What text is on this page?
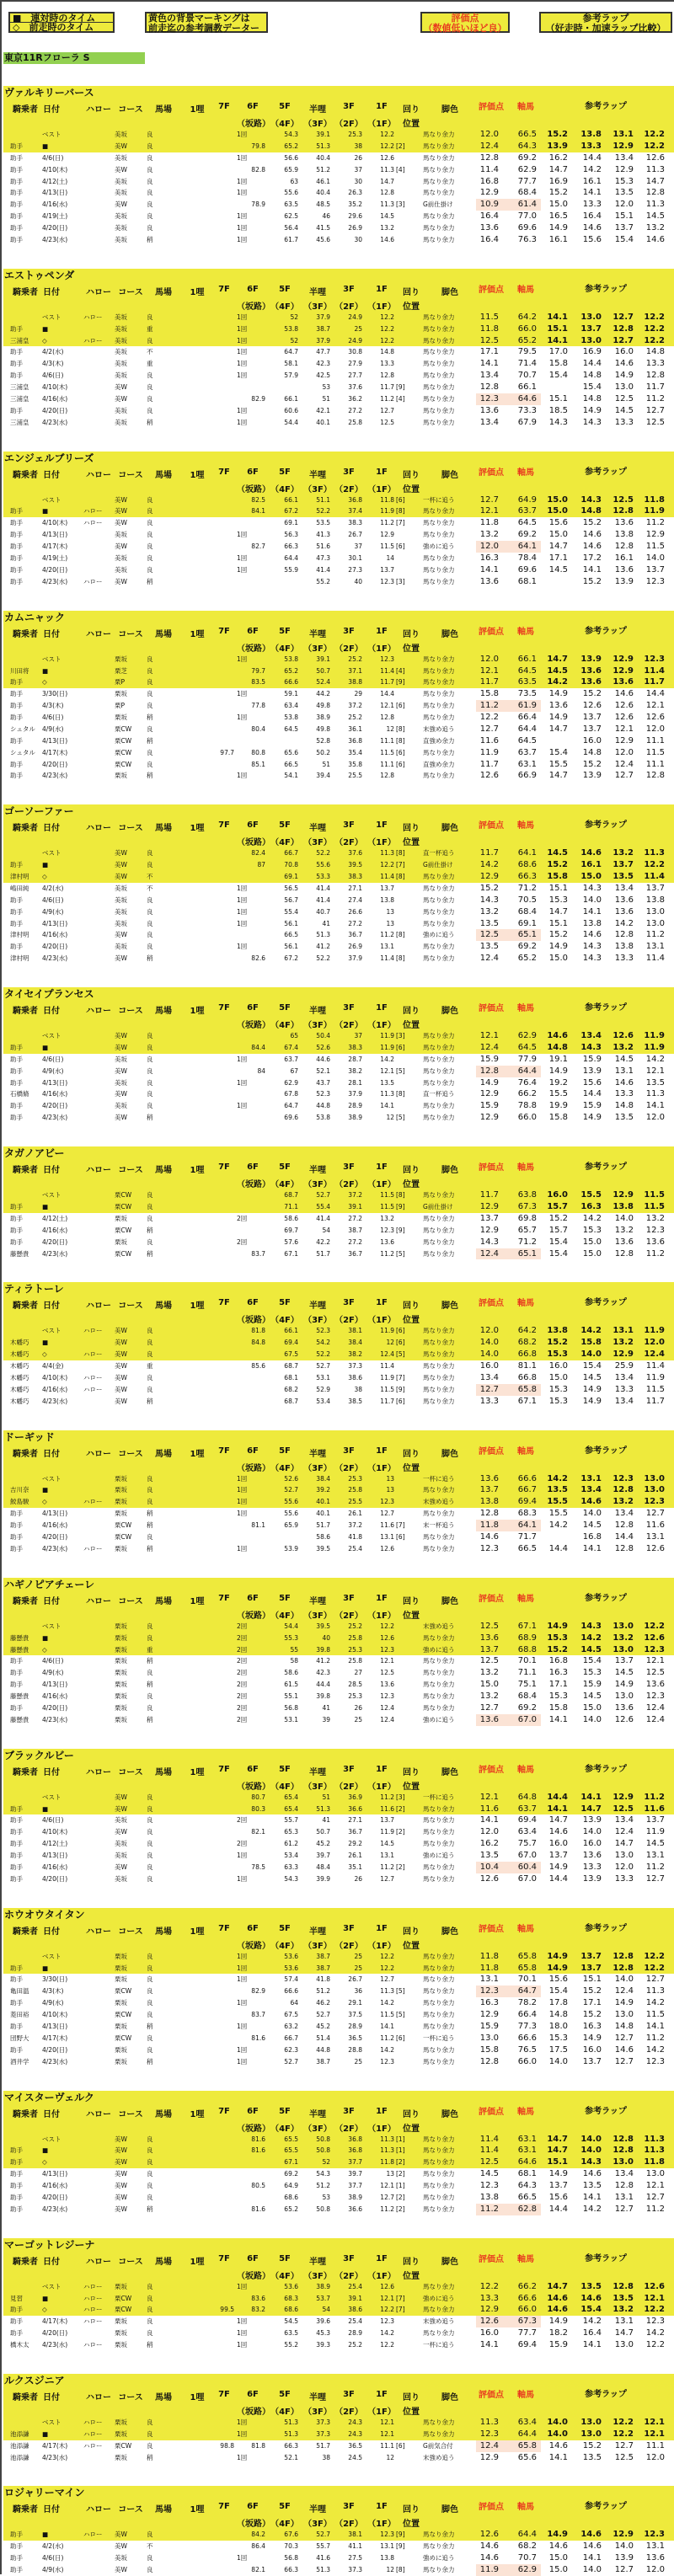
■　連対時のタイム
◇　前走時のタイム
黄色の背景マーキングは
前走迄の参考調教データー
評価点
（数値低いほど良）
参考ラップ
（好走時・加速ラップ比較）
東京11Rフローラ S
ヴァルキリーバース
騎乗者 日付	ハロー コース 馬場 1哩 7F 6F 5F 半哩 3F	1F 回り	脚色 評価点 軸馬	参考ラップ
（坂路） （4F） （3F） （2F） （1F） 位置
ベスト	美坂	良	1回	54.3	39.1	25.3	12.2	馬なり余力	12.0 66.5 15.2 13.8 13.1 12.2
助手	■	美W	良	79.8	65.2	51.3	38	12.2 [2]	馬なり余力	12.4 64.3 13.9 13.3 12.9 12.2
助手	4/6(日)	美坂	良	1回	56.6	40.4	26	12.6	馬なり余力	12.8 69.2 16.2 14.4 13.4 12.6
助手	4/10(木)	美W	良	82.8	65.9	51.2	37	11.3 [4]	馬なり余力	11.4 62.9 14.7 14.2 12.9 11.3
助手	4/12(土)	美坂	良	1回	63	46.1	30	14.7	馬なり余力	16.8 77.7 16.9 16.1 15.3 14.7
助手	4/13(日)	美坂	良	1回	55.6	40.4	26.3	12.8	馬なり余力	12.9 68.4 15.2 14.1 13.5 12.8
助手	4/16(水)	美W	良	78.9	63.5	48.5	35.2	11.3 [3]	G前仕掛け	10.9 61.4 15.0 13.3 12.0 11.3
助手	4/19(土)	美坂	良	1回	62.5	46	29.6	14.5	馬なり余力	16.4 77.0 16.5 16.4 15.1 14.5
助手	4/20(日)	美坂	良	1回	56.4	41.5	26.9	13.2	馬なり余力	13.6 69.6 14.9 14.6 13.7 13.2
助手	4/23(水)	美坂	稍	1回	61.7	45.6	30	14.6	馬なり余力	16.4 76.3 16.1 15.6 15.4 14.6
エストゥペンダ
騎乗者 日付	ハロー コース 馬場 1哩 7F 6F 5F 半哩 3F	1F 回り	脚色 評価点 軸馬	参考ラップ
（坂路） （4F） （3F） （2F） （1F） 位置
ベスト	ハロー 美坂	良	1回	52	37.9	24.9	12.2	馬なり余力	11.5 64.2 14.1 13.0 12.7 12.2
助手	■	美坂	重	1回	53.8	38.7	25	12.2	馬なり余力	11.8 66.0 15.1 13.7 12.8 12.2
三浦皇 ◇	ハロー 美坂	良	1回	52	37.9	24.9	12.2	馬なり余力	12.5 65.2 14.1 13.0 12.7 12.2
助手	4/2(水)	美坂	不	1回	64.7	47.7	30.8	14.8	馬なり余力	17.1 79.5 17.0 16.9 16.0 14.8
助手	4/3(木)	美坂	重	1回	58.1	42.3	27.9	13.3	馬なり余力	14.1 71.4 15.8 14.4 14.6 13.3
助手	4/6(日)	美坂	良	1回	57.9	42.5	27.7	12.8	馬なり余力	13.4 70.7 15.4 14.8 14.9 12.8
三浦皇 4/10(木)	美W	良	53	37.6	11.7 [9]	馬なり余力	12.8 66.1	15.4 13.0 11.7
三浦皇 4/16(水)	美W	良	82.9	66.1	51	36.2	11.2 [4]	馬なり余力	12.3 64.6 15.1 14.8 12.5 11.2
助手	4/20(日)	美坂	良	1回	60.6	42.1	27.2	12.7	馬なり余力	13.6 73.3 18.5 14.9 14.5 12.7
三浦皇 4/23(水)	美坂	稍	1回	54.4	40.1	25.8	12.5	馬なり余力	13.4 67.9 14.3 14.3 13.3 12.5
エンジェルブリーズ
騎乗者 日付	ハロー コース 馬場 1哩 7F 6F 5F 半哩 3F	1F 回り	脚色 評価点 軸馬	参考ラップ
（坂路） （4F） （3F） （2F） （1F） 位置
ベスト	美W	良	82.5	66.1	51.1	36.8	11.8 [6]	一杯に追う	12.7 64.9 15.0 14.3 12.5 11.8
助手	■	ハロー 美W	良	84.1	67.2	52.2	37.4	11.9 [8]	馬なり余力	12.1 63.7 15.0 14.8 12.8 11.9
助手	4/10(木)	ハロー 美W	良	69.1	53.5	38.3	11.2 [7]	馬なり余力	11.8 64.5 15.6 15.2 13.6 11.2
助手	4/13(日)	美坂	良	1回	56.3	41.3	26.7	12.9	馬なり余力	13.2 69.2 15.0 14.6 13.8 12.9
助手	4/17(木)	美W	良	82.7	66.3	51.6	37	11.5 [6]	強めに追う	12.0 64.1 14.7 14.6 12.8 11.5
助手	4/19(土)	美坂	良	1回	64.4	47.3	30.1	14	馬なり余力	16.3 78.4 17.1 17.2 16.1 14.0
助手	4/20(日)	美坂	良	1回	55.9	41.4	27.3	13.7	馬なり余力	14.1 69.6 14.5 14.1 13.6 13.7
助手	4/23(水)	ハロー 美W	稍	55.2	40	12.3 [3]	馬なり余力	13.6 68.1	15.2 13.9 12.3
カムニャック
騎乗者 日付	ハロー コース 馬場 1哩 7F 6F 5F 半哩 3F	1F 回り	脚色 評価点 軸馬	参考ラップ
（坂路） （4F） （3F） （2F） （1F） 位置
ベスト	栗坂	良	1回	53.8	39.1	25.2	12.3	馬なり余力	12.0 66.1 14.7 13.9 12.9 12.3
川田将 ■	栗芝	良	79.7	65.2	50.7	37.1	11.4 [4]	馬なり余力	12.1 64.5 14.5 13.6 12.9 11.4
助手	◇	栗P	良	83.5	66.6	52.4	38.8	11.7 [9]	馬なり余力	11.7 63.5 14.2 13.6 13.6 11.7
助手	3/30(日)	栗坂	良	1回	59.1	44.2	29	14.4	馬なり余力	15.8 73.5 14.9 15.2 14.6 14.4
助手	4/3(木)	栗P	良	77.8	63.4	49.8	37.2	12.1 [6]	馬なり余力	11.2 61.9 13.6 12.6 12.6 12.1
助手	4/6(日)	栗坂	稍	1回	53.8	38.9	25.2	12.8	馬なり余力	12.2 66.4 14.9 13.7 12.6 12.6
シュタル 4/9(水)	栗CW 良	80.4	64.5	49.8	36.1	12 [8]	末強め追う	12.7 64.4 14.7 13.7 12.1 12.0
助手	4/13(日)	栗CW 稍	52.8	36.8	11.1 [8]	直強め余力	11.6 64.5	16.0 12.9 11.1
シュタル 4/17(木)	栗CW 良	97.7	80.8	65.6	50.2	35.4	11.5 [6]	馬なり余力	11.9 63.7 15.4 14.8 12.0 11.5
助手	4/20(日)	栗CW 良	85.1	66.5	51	35.8	11.1 [6]	直強め余力	11.7 63.1 15.5 15.2 12.4 11.1
助手	4/23(水)	栗坂	稍	1回	54.1	39.4	25.5	12.8	馬なり余力	12.6 66.9 14.7 13.9 12.7 12.8
ゴーソーファー
騎乗者 日付	ハロー コース 馬場 1哩 7F 6F 5F 半哩 3F	1F 回り	脚色 評価点 軸馬	参考ラップ
（坂路） （4F） （3F） （2F） （1F） 位置
ベスト	美W	良	82.4	66.7	52.2	37.6	11.3 [8]	直一杯追う	11.7 64.1 14.5 14.6 13.2 11.3
助手	■	美W	良	87	70.8	55.6	39.5	12.2 [7]	G前仕掛け	14.2 68.6 15.2 16.1 13.7 12.2
津村明 ◇	美W	不	69.1	53.3	38.3	11.4 [8]	馬なり余力	12.9 66.3 15.8 15.0 13.5 11.4
嶋田純 4/2(水)	美坂	不	1回	56.5	41.4	27.1	13.7	馬なり余力	15.2 71.2 15.1 14.3 13.4 13.7
助手	4/6(日)	美坂	良	1回	56.7	41.4	27.4	13.8	馬なり余力	14.3 70.5 15.3 14.0 13.6 13.8
助手	4/9(水)	美坂	良	1回	55.4	40.7	26.6	13	馬なり余力	13.2 68.4 14.7 14.1 13.6 13.0
助手	4/13(日)	美坂	良	1回	56.1	41	27.2	13	馬なり余力	13.5 69.1 15.1 13.8 14.2 13.0
津村明 4/16(水)	美W	良	66.5	51.3	36.7	11.2 [8]	強めに追う	12.5 65.1 15.2 14.6 12.8 11.2
助手	4/20(日)	美坂	良	1回	56.1	41.2	26.9	13.1	馬なり余力	13.5 69.2 14.9 14.3 13.8 13.1
津村明 4/23(水)	美W	稍	82.6	67.2	52.2	37.9	11.4 [8]	馬なり余力	12.4 65.2 15.0 14.3 13.3 11.4
タイセイプランセス
騎乗者 日付	ハロー コース 馬場 1哩 7F 6F 5F 半哩 3F	1F 回り	脚色 評価点 軸馬	参考ラップ
（坂路） （4F） （3F） （2F） （1F） 位置
ベスト	美W	良	65	50.4	37	11.9 [3]	馬なり余力	12.1 62.9 14.6 13.4 12.6 11.9
助手	■	美W	良	84.4	67.4	52.6	38.3	11.9 [6]	馬なり余力	12.4 64.5 14.8 14.3 13.2 11.9
助手	4/6(日)	美坂	良	1回	63.7	44.6	28.7	14.2	馬なり余力	15.9 77.9 19.1 15.9 14.5 14.2
助手	4/9(水)	美W	良	84	67	52.1	38.2	12.1 [5]	馬なり余力	12.8 64.4 14.9 13.9 13.1 12.1
助手	4/13(日)	美坂	良	1回	62.9	43.7	28.1	13.5	馬なり余力	14.9 76.4 19.2 15.6 14.6 13.5
石橋脩 4/16(水)	美W	良	67.8	52.3	37.9	11.3 [8]	直一杯追う	12.9 66.2 15.5 14.4 13.3 11.3
助手	4/20(日)	美坂	良	1回	64.7	44.8	28.9	14.1	馬なり余力	15.9 78.8 19.9 15.9 14.8 14.1
助手	4/23(水)	美W	稍	69.6	53.8	38.9	12 [5]	馬なり余力	12.9 66.0 15.8 14.9 13.5 12.0
タガノアビー
騎乗者 日付	ハロー コース 馬場 1哩 7F 6F 5F 半哩 3F	1F 回り	脚色 評価点 軸馬	参考ラップ
（坂路） （4F） （3F） （2F） （1F） 位置
ベスト	栗CW 良	68.7	52.7	37.2	11.5 [8]	馬なり余力	11.7 63.8 16.0 15.5 12.9 11.5
助手	■	栗CW 良	71.1	55.4	39.1	11.5 [9]	G前仕掛け	12.9 67.3 15.7 16.3 13.8 11.5
助手	4/12(土)	栗坂	良	2回	58.6	41.4	27.2	13.2	馬なり余力	13.7 69.8 15.2 14.2 14.0 13.2
助手	4/16(水)	栗CW 稍	69.7	54	38.7	12.3 [9]	馬なり余力	12.9 65.7 15.7 15.3 13.2 12.3
助手	4/20(日)	栗坂	良	2回	57.6	42.2	27.2	13.6	馬なり余力	14.3 71.2 15.4 15.0 13.6 13.6
藤懸貴 4/23(水)	栗CW 稍	83.7	67.1	51.7	36.7	11.2 [5]	馬なり余力	12.4 65.1 15.4 15.0 12.8 11.2
ティラトーレ
騎乗者 日付	ハロー コース 馬場 1哩 7F 6F 5F 半哩 3F	1F 回り	脚色 評価点 軸馬	参考ラップ
（坂路） （4F） （3F） （2F） （1F） 位置
ベスト	ハロー 美W	良	81.8	66.1	52.3	38.1	11.9 [6]	馬なり余力	12.0 64.2 13.8 14.2 13.1 11.9
木幡巧 ■	美W	良	84.8	69.4	54.2	38.4	12 [6]	馬なり余力	14.0 68.2 15.2 15.8 13.2 12.0
木幡巧 ◇	ハロー 美W	良	67.5	52.2	38.2	12.4 [5]	馬なり余力	14.0 66.8 15.3 14.0 12.9 12.4
木幡巧 4/4(金)	美W	重	85.6	68.7	52.7	37.3	11.4	馬なり余力	16.0 81.1 16.0 15.4 25.9 11.4
木幡巧 4/10(木)	ハロー 美W	良	68.1	53.1	38.6	11.9 [7]	馬なり余力	13.4 66.8 15.0 14.5 13.4 11.9
木幡巧 4/16(水)	ハロー 美W	良	68.2	52.9	38	11.5 [9]	馬なり余力	12.7 65.8 15.3 14.9 13.3 11.5
木幡巧 4/23(水)	美W	稍	68.7	53.4	38.5	11.7 [6]	馬なり余力	13.3 67.1 15.3 14.9 13.4 11.7
ドーギッド
騎乗者 日付	ハロー コース 馬場 1哩 7F 6F 5F 半哩 3F	1F 回り	脚色 評価点 軸馬	参考ラップ
（坂路） （4F） （3F） （2F） （1F） 位置
ベスト	栗坂	良	1回	52.6	38.4	25.3	13	一杯に追う	13.6 66.6 14.2 13.1 12.3 13.0
吉川奈 ■	栗坂	良	1回	52.7	39.2	25.8	13	馬なり余力	13.7 66.7 13.5 13.4 12.8 13.0
鮫島駿 ◇	ハロー 栗坂	良	1回	55.6	40.1	25.5	12.3	末強め追う	13.8 69.4 15.5 14.6 13.2 12.3
助手	4/13(日)	栗坂	稍	1回	55.6	40.1	26.1	12.7	馬なり余力	12.8 68.3 15.5 14.0 13.4 12.7
助手	4/16(水)	栗CW 稍	81.1	65.9	51.7	37.2	11.6 [7]	末一杯追う	11.8 64.1 14.2 14.5 12.8 11.6
助手	4/20(日)	栗CW 良	58.6	41.8	13.1 [6]	馬なり余力	14.6 71.7	16.8 14.4 13.1
助手	4/23(水)	ハロー 栗坂	稍	1回	53.9	39.5	25.4	12.6	馬なり余力	12.3 66.5 14.4 14.1 12.8 12.6
ハギノピアチェーレ
騎乗者 日付	ハロー コース 馬場 1哩 7F 6F 5F 半哩 3F	1F 回り	脚色 評価点 軸馬	参考ラップ
（坂路） （4F） （3F） （2F） （1F） 位置
ベスト	栗坂	良	2回	54.4	39.5	25.2	12.2	末強め追う	12.5 67.1 14.9 14.3 13.0 12.2
藤懸貴 ■	栗坂	良	2回	55.3	40	25.8	12.6	馬なり余力	13.6 68.9 15.3 14.2 13.2 12.6
藤懸貴 ◇	栗坂	重	2回	55	39.8	25.3	12.3	強めに追う	13.7 68.8 15.2 14.5 13.0 12.3
助手	4/6(日)	栗坂	稍	2回	58	41.2	25.8	12.1	馬なり余力	12.5 70.1 16.8 15.4 13.7 12.1
助手	4/9(水)	栗坂	良	2回	58.6	42.3	27	12.5	馬なり余力	13.2 71.1 16.3 15.3 14.5 12.5
助手	4/13(日)	栗坂	稍	2回	61.5	44.4	28.5	13.6	馬なり余力	15.0 75.1 17.1 15.9 14.9 13.6
藤懸貴 4/16(水)	栗坂	良	2回	55.1	39.8	25.3	12.3	馬なり余力	13.2 68.4 15.3 14.5 13.0 12.3
助手	4/20(日)	栗坂	良	2回	56.8	41	26	12.4	馬なり余力	12.7 69.2 15.8 15.0 13.6 12.4
藤懸貴 4/23(水)	栗坂	稍	2回	53.1	39	25	12.4	強めに追う	13.6 67.0 14.1 14.0 12.6 12.4
ブラックルビー
騎乗者 日付	ハロー コース 馬場 1哩 7F 6F 5F 半哩 3F	1F 回り	脚色 評価点 軸馬	参考ラップ
（坂路） （4F） （3F） （2F） （1F） 位置
ベスト	美W	良	80.7	65.4	51	36.9	11.2 [3]	一杯に追う	12.1 64.8 14.4 14.1 12.9 11.2
助手	■	美W	良	80.3	65.4	51.3	36.6	11.6 [2]	馬なり余力	11.6 63.7 14.1 14.7 12.5 11.6
助手	4/6(日)	美坂	良	2回	55.7	41	27.1	13.7	馬なり余力	14.1 69.4 14.7 13.9 13.4 13.7
助手	4/10(木)	美W	良	82.1	65.3	50.7	36.7	11.9 [2]	馬なり余力	12.0 63.4 14.6 14.0 12.4 11.9
助手	4/12(土)	美坂	良	2回	61.2	45.2	29.2	14.5	馬なり余力	16.2 75.7 16.0 16.0 14.7 14.5
助手	4/13(日)	美坂	良	1回	53.4	39.7	26.1	13.1	強めに追う	13.5 67.0 13.7 13.6 13.0 13.1
助手	4/16(水)	美W	良	78.5	63.3	48.4	35.1	11.2 [2]	馬なり余力	10.4 60.4 14.9 13.3 12.0 11.2
助手	4/20(日)	美坂	良	1回	54.3	39.9	26	12.7	馬なり余力	12.6 67.0 14.4 13.9 13.3 12.7
ホウオウタイタン
騎乗者 日付	ハロー コース 馬場 1哩 7F 6F 5F 半哩 3F	1F 回り	脚色 評価点 軸馬	参考ラップ
（坂路） （4F） （3F） （2F） （1F） 位置
ベスト	栗坂	良	1回	53.6	38.7	25	12.2	馬なり余力	11.8 65.8 14.9 13.7 12.8 12.2
助手	■	栗坂	良	1回	53.6	38.7	25	12.2	馬なり余力	11.8 65.8 14.9 13.7 12.8 12.2
助手	3/30(日)	栗坂	良	1回	57.4	41.8	26.7	12.7	馬なり余力	13.1 70.1 15.6 15.1 14.0 12.7
亀田温 4/3(木)	栗CW 良	82.9	66.6	51.2	36	11.3 [5]	馬なり余力	12.3 64.7 15.4 15.2 12.4 11.3
助手	4/9(水)	栗坂	良	1回	64	46.2	29.1	14.2	馬なり余力	16.3 78.2 17.8 17.1 14.9 14.2
菱田裕 4/10(木)	栗CW 良	83.7	67.5	52.7	37.5	11.5 [5]	馬なり余力	12.9 66.4 14.8 15.2 13.0 11.5
助手	4/13(日)	栗坂	稍	1回	63.2	45.2	28.9	14.1	馬なり余力	15.9 77.3 18.0 16.3 14.8 14.1
団野大 4/17(木)	栗CW 良	81.6	66.7	51.4	36.5	11.2 [6]	一杯に追う	13.0 66.6 15.3 14.9 12.7 11.2
助手	4/20(日)	栗坂	良	1回	62.3	44.8	28.8	14.2	馬なり余力	15.8 76.5 17.5 16.0 14.6 14.2
酒井学 4/23(水)	栗坂	稍	1回	52.7	38.7	25	12.3	馬なり余力	12.8 66.0 14.0 13.7 12.7 12.3
マイスターヴェルク
騎乗者 日付	ハロー コース 馬場 1哩 7F 6F 5F 半哩 3F	1F 回り	脚色 評価点 軸馬	参考ラップ
（坂路） （4F） （3F） （2F） （1F） 位置
ベスト	美W	良	81.6	65.5	50.8	36.8	11.3 [1]	馬なり余力	11.4 63.1 14.7 14.0 12.8 11.3
助手	■	美W	良	81.6	65.5	50.8	36.8	11.3 [1]	馬なり余力	11.4 63.1 14.7 14.0 12.8 11.3
助手	◇	美W	良	67.1	52	37.7	11.8 [2]	馬なり余力	12.5 64.6 15.1 14.3 13.0 11.8
助手	4/13(日)	美W	良	69.2	54.3	39.7	13 [2]	馬なり余力	14.5 68.1 14.9 14.6 13.4 13.0
助手	4/16(水)	美W	良	80.5	64.9	51.2	37.7	12.1 [1]	馬なり余力	12.3 64.3 13.7 13.5 12.8 12.1
助手	4/20(日)	美W	良	68.6	53	38.9	12.7 [2]	馬なり余力	13.8 66.5 15.6 14.1 13.1 12.7
助手	4/23(水)	美W	稍	81.6	65.2	50.8	36.6	11.2 [2]	馬なり余力	11.2 62.8 14.4 14.2 12.7 11.2
マーゴットレジーナ
騎乗者 日付	ハロー コース 馬場 1哩 7F 6F 5F 半哩 3F	1F 回り	脚色 評価点 軸馬	参考ラップ
（坂路） （4F） （3F） （2F） （1F） 位置
ベスト	ハロー 栗坂	良	1回	53.6	38.9	25.4	12.6	馬なり余力	12.2 66.2 14.7 13.5 12.8 12.6
見習	■	ハロー 栗CW 良	83.6	68.3	53.7	39.1	12.1 [7]	強めに追う	13.3 66.6 14.6 14.6 13.5 12.1
助手	◇	ハロー 栗CW 良	99.5	83.2	68.6	54	38.6	12.2 [7]	馬なり余力	12.9 66.0 14.6 15.4 13.2 12.2
助手	4/17(木)	ハロー 栗坂	良	1回	54.5	39.6	25.4	12.3	末強め追う	12.6 67.3 14.9 14.2 13.1 12.3
助手	4/20(日)	栗坂	良	1回	63.5	45.3	28.9	14.2	馬なり余力	16.0 77.7 18.2 16.4 14.7 14.2
橋木太 4/23(水)	ハロー 栗坂	稍	1回	55.2	39.3	25.2	12.2	一杯に追う	14.1 69.4 15.9 14.1 13.0 12.2
ルクスジニア
騎乗者 日付	ハロー コース 馬場 1哩 7F 6F 5F 半哩 3F	1F 回り	脚色 評価点 軸馬	参考ラップ
（坂路） （4F） （3F） （2F） （1F） 位置
ベスト	ハロー 栗坂	良	1回	51.3	37.3	24.3	12.1	馬なり余力	11.3 63.4 14.0 13.0 12.2 12.1
池添謙 ■	ハロー 栗坂	良	1回	51.3	37.3	24.3	12.1	馬なり余力	12.3 64.4 14.0 13.0 12.2 12.1
池添謙 4/17(木)	ハロー 栗CW 良	98.8	81.8	66.3	51.7	36.5	11.1 [6]	G前気合付	12.4 65.8 14.6 15.2 12.7 11.1
池添謙 4/23(水)	栗坂	稍	1回	52.1	38	24.5	12	末強め追う	12.9 65.6 14.1 13.5 12.5 12.0
ロジャリーマイン
騎乗者 日付	ハロー コース 馬場 1哩 7F 6F 5F 半哩 3F	1F 回り	脚色 評価点 軸馬	参考ラップ
（坂路） （4F） （3F） （2F） （1F） 位置
助手	■	ハロー 美W	良	84.2	67.6	52.7	38.1	12.3 [9]	馬なり余力	12.6 64.4 14.9 14.6 12.9 12.3
助手	4/2(水)	美W	不	86.4	70.3	55.7	41.1	13.1 [9]	馬なり余力	14.6 68.2 14.6 14.6 14.0 13.1
助手	4/6(日)	美坂	良	1回	56.8	41.6	27.5	13.8	強めに追う	14.6 70.7 15.0 14.1 13.9 13.6
助手	4/9(水)	美W	良	82.1	66.3	51.3	37.3	12 [8]	馬なり余力	11.9 62.9 15.0 14.0 12.7 12.0
